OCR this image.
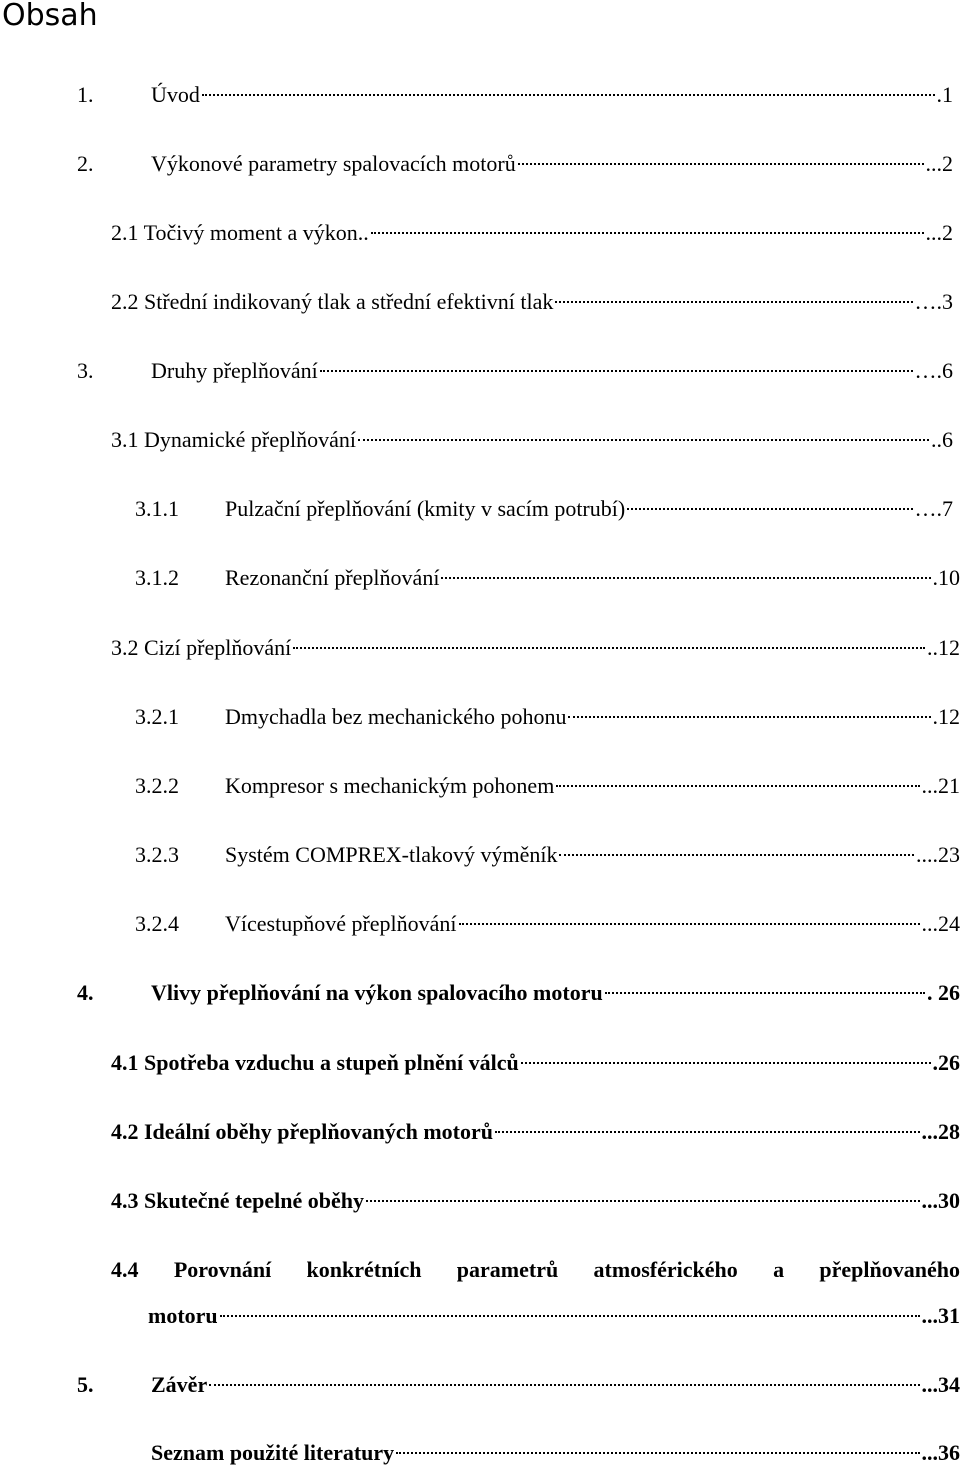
Obsah
1.	Úvod	.1
2.	Výkonové parametry spalovacích motorů	...2
2.1 Točivý moment a výkon..	...2
2.2 Střední indikovaný tlak a střední efektivní tlak	….3
3.	Druhy přeplňování	….6
3.1 Dynamické přeplňování	..6
3.1.1	Pulzační přeplňování (kmity v sacím potrubí)	….7
3.1.2	Rezonanční přeplňování	.10
3.2 Cizí přeplňování	..12
3.2.1	Dmychadla bez mechanického pohonu	.12
3.2.2	Kompresor s mechanickým pohonem	...21
3.2.3	Systém COMPREX-tlakový výměník	....23
3.2.4	Vícestupňové přeplňování	...24
4.	Vlivy přeplňování na výkon spalovacího motoru	. 26
4.1 Spotřeba vzduchu a stupeň plnění válců	.26
4.2 Ideální oběhy přeplňovaných motorů	...28
4.3 Skutečné tepelné oběhy	...30
4.4 Porovnání konkrétních parametrů atmosférického a přeplňovaného
motoru	...31
5.	Závěr	...34
Seznam použité literatury	...36
